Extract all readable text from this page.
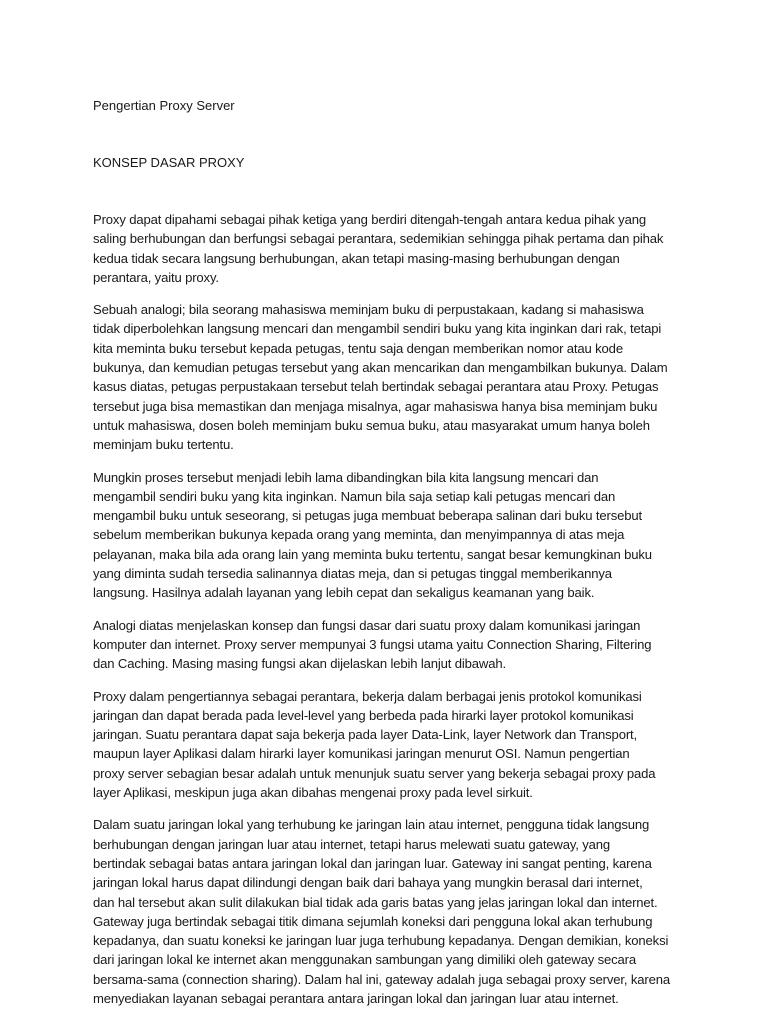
Pengertian Proxy Server
KONSEP DASAR PROXY

Proxy dapat dipahami sebagai pihak ketiga yang berdiri ditengah-tengah antara kedua pihak yang
saling berhubungan dan berfungsi sebagai perantara, sedemikian sehingga pihak pertama dan pihak
kedua tidak secara langsung berhubungan, akan tetapi masing-masing berhubungan dengan
perantara, yaitu proxy.

Sebuah analogi; bila seorang mahasiswa meminjam buku di perpustakaan, kadang si mahasiswa
tidak diperbolehkan langsung mencari dan mengambil sendiri buku yang kita inginkan dari rak, tetapi
kita meminta buku tersebut kepada petugas, tentu saja dengan memberikan nomor atau kode
bukunya, dan kemudian petugas tersebut yang akan mencarikan dan mengambilkan bukunya. Dalam
kasus diatas, petugas perpustakaan tersebut telah bertindak sebagai perantara atau Proxy. Petugas
tersebut juga bisa memastikan dan menjaga misalnya, agar mahasiswa hanya bisa meminjam buku
untuk mahasiswa, dosen boleh meminjam buku semua buku, atau masyarakat umum hanya boleh
meminjam buku tertentu.

Mungkin proses tersebut menjadi lebih lama dibandingkan bila kita langsung mencari dan
mengambil sendiri buku yang kita inginkan. Namun bila saja setiap kali petugas mencari dan
mengambil buku untuk seseorang, si petugas juga membuat beberapa salinan dari buku tersebut
sebelum memberikan bukunya kepada orang yang meminta, dan menyimpannya di atas meja
pelayanan, maka bila ada orang lain yang meminta buku tertentu, sangat besar kemungkinan buku
yang diminta sudah tersedia salinannya diatas meja, dan si petugas tinggal memberikannya
langsung. Hasilnya adalah layanan yang lebih cepat dan sekaligus keamanan yang baik.

Analogi diatas menjelaskan konsep dan fungsi dasar dari suatu proxy dalam komunikasi jaringan
komputer dan internet. Proxy server mempunyai 3 fungsi utama yaitu Connection Sharing, Filtering
dan Caching. Masing masing fungsi akan dijelaskan lebih lanjut dibawah.

Proxy dalam pengertiannya sebagai perantara, bekerja dalam berbagai jenis protokol komunikasi
jaringan dan dapat berada pada level-level yang berbeda pada hirarki layer protokol komunikasi
jaringan. Suatu perantara dapat saja bekerja pada layer Data-Link, layer Network dan Transport,
maupun layer Aplikasi dalam hirarki layer komunikasi jaringan menurut OSI. Namun pengertian
proxy server sebagian besar adalah untuk menunjuk suatu server yang bekerja sebagai proxy pada
layer Aplikasi, meskipun juga akan dibahas mengenai proxy pada level sirkuit.

Dalam suatu jaringan lokal yang terhubung ke jaringan lain atau internet, pengguna tidak langsung
berhubungan dengan jaringan luar atau internet, tetapi harus melewati suatu gateway, yang
bertindak sebagai batas antara jaringan lokal dan jaringan luar. Gateway ini sangat penting, karena
jaringan lokal harus dapat dilindungi dengan baik dari bahaya yang mungkin berasal dari internet,
dan hal tersebut akan sulit dilakukan bial tidak ada garis batas yang jelas jaringan lokal dan internet.
Gateway juga bertindak sebagai titik dimana sejumlah koneksi dari pengguna lokal akan terhubung
kepadanya, dan suatu koneksi ke jaringan luar juga terhubung kepadanya. Dengan demikian, koneksi
dari jaringan lokal ke internet akan menggunakan sambungan yang dimiliki oleh gateway secara
bersama-sama (connection sharing). Dalam hal ini, gateway adalah juga sebagai proxy server, karena
menyediakan layanan sebagai perantara antara jaringan lokal dan jaringan luar atau internet.
